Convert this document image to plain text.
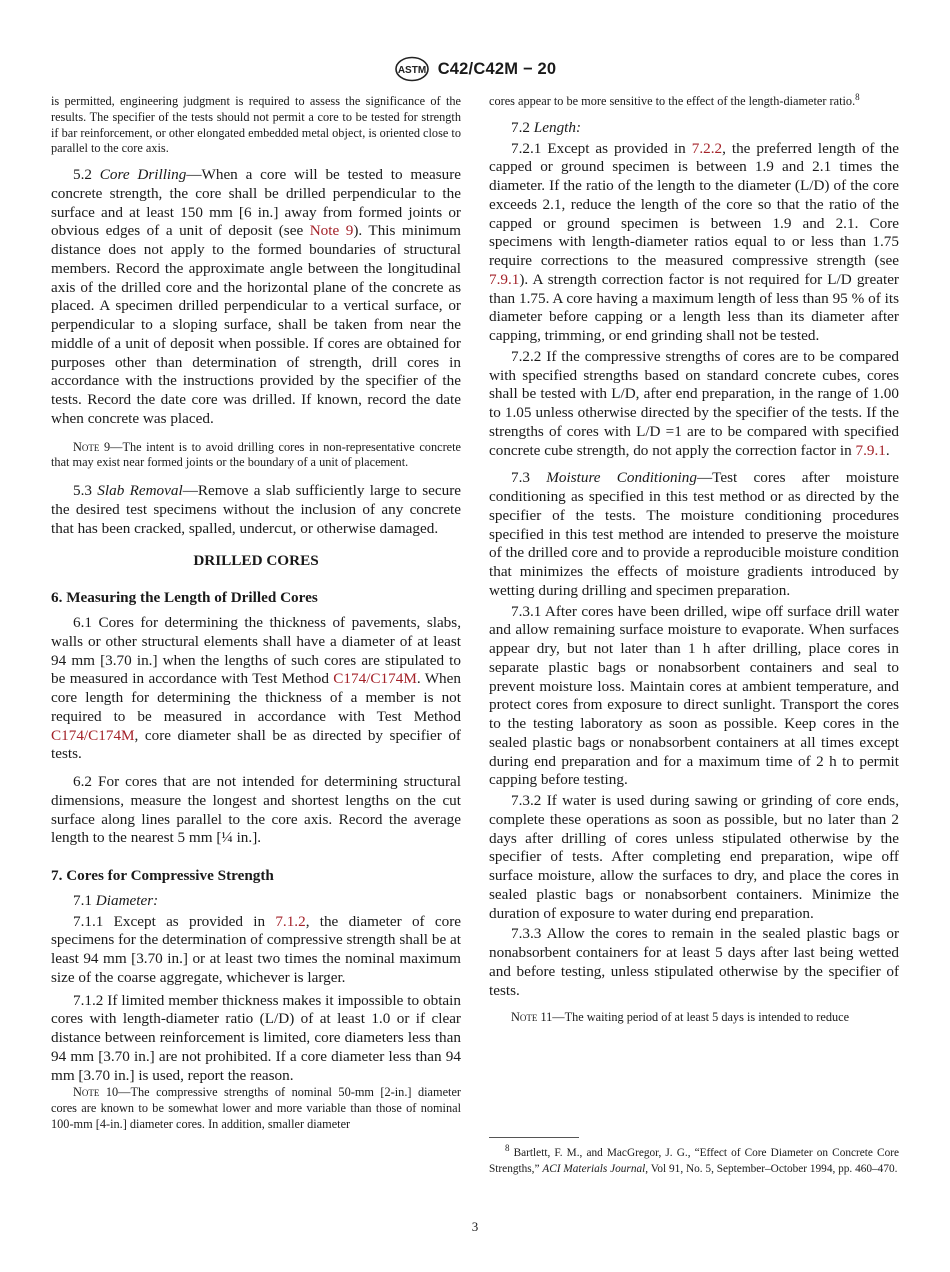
ASTM C42/C42M − 20

is permitted, engineering judgment is required to assess the significance of the results. The specifier of the tests should not permit a core to be tested for strength if bar reinforcement, or other elongated embedded metal object, is oriented close to parallel to the core axis.

5.2 Core Drilling—When a core will be tested to measure concrete strength, the core shall be drilled perpendicular to the surface and at least 150 mm [6 in.] away from formed joints or obvious edges of a unit of deposit (see Note 9). This minimum distance does not apply to the formed boundaries of structural members. Record the approximate angle between the longitudinal axis of the drilled core and the horizontal plane of the concrete as placed. A specimen drilled perpendicular to a vertical surface, or perpendicular to a sloping surface, shall be taken from near the middle of a unit of deposit when possible. If cores are obtained for purposes other than determination of strength, drill cores in accordance with the instructions provided by the specifier of the tests. Record the date core was drilled. If known, record the date when concrete was placed.

Note 9—The intent is to avoid drilling cores in non-representative concrete that may exist near formed joints or the boundary of a unit of placement.

5.3 Slab Removal—Remove a slab sufficiently large to secure the desired test specimens without the inclusion of any concrete that has been cracked, spalled, undercut, or otherwise damaged.

DRILLED CORES

6. Measuring the Length of Drilled Cores

6.1 Cores for determining the thickness of pavements, slabs, walls or other structural elements shall have a diameter of at least 94 mm [3.70 in.] when the lengths of such cores are stipulated to be measured in accordance with Test Method C174/C174M. When core length for determining the thickness of a member is not required to be measured in accordance with Test Method C174/C174M, core diameter shall be as directed by specifier of tests.

6.2 For cores that are not intended for determining structural dimensions, measure the longest and shortest lengths on the cut surface along lines parallel to the core axis. Record the average length to the nearest 5 mm [¼ in.].

7. Cores for Compressive Strength

7.1 Diameter:

7.1.1 Except as provided in 7.1.2, the diameter of core specimens for the determination of compressive strength shall be at least 94 mm [3.70 in.] or at least two times the nominal maximum size of the coarse aggregate, whichever is larger.

7.1.2 If limited member thickness makes it impossible to obtain cores with length-diameter ratio (L/D) of at least 1.0 or if clear distance between reinforcement is limited, core diameters less than 94 mm [3.70 in.] are not prohibited. If a core diameter less than 94 mm [3.70 in.] is used, report the reason.

Note 10—The compressive strengths of nominal 50-mm [2-in.] diameter cores are known to be somewhat lower and more variable than those of nominal 100-mm [4-in.] diameter cores. In addition, smaller diameter

cores appear to be more sensitive to the effect of the length-diameter ratio.$^8$

7.2 Length:

7.2.1 Except as provided in 7.2.2, the preferred length of the capped or ground specimen is between 1.9 and 2.1 times the diameter. If the ratio of the length to the diameter (L/D) of the core exceeds 2.1, reduce the length of the core so that the ratio of the capped or ground specimen is between 1.9 and 2.1. Core specimens with length-diameter ratios equal to or less than 1.75 require corrections to the measured compressive strength (see 7.9.1). A strength correction factor is not required for L/D greater than 1.75. A core having a maximum length of less than 95 % of its diameter before capping or a length less than its diameter after capping, trimming, or end grinding shall not be tested.

7.2.2 If the compressive strengths of cores are to be compared with specified strengths based on standard concrete cubes, cores shall be tested with L/D, after end preparation, in the range of 1.00 to 1.05 unless otherwise directed by the specifier of the tests. If the strengths of cores with L/D =1 are to be compared with specified concrete cube strength, do not apply the correction factor in 7.9.1.

7.3 Moisture Conditioning—Test cores after moisture conditioning as specified in this test method or as directed by the specifier of the tests. The moisture conditioning procedures specified in this test method are intended to preserve the moisture of the drilled core and to provide a reproducible moisture condition that minimizes the effects of moisture gradients introduced by wetting during drilling and specimen preparation.

7.3.1 After cores have been drilled, wipe off surface drill water and allow remaining surface moisture to evaporate. When surfaces appear dry, but not later than 1 h after drilling, place cores in separate plastic bags or nonabsorbent containers and seal to prevent moisture loss. Maintain cores at ambient temperature, and protect cores from exposure to direct sunlight. Transport the cores to the testing laboratory as soon as possible. Keep cores in the sealed plastic bags or nonabsorbent containers at all times except during end preparation and for a maximum time of 2 h to permit capping before testing.

7.3.2 If water is used during sawing or grinding of core ends, complete these operations as soon as possible, but no later than 2 days after drilling of cores unless stipulated otherwise by the specifier of tests. After completing end preparation, wipe off surface moisture, allow the surfaces to dry, and place the cores in sealed plastic bags or nonabsorbent containers. Minimize the duration of exposure to water during end preparation.

7.3.3 Allow the cores to remain in the sealed plastic bags or nonabsorbent containers for at least 5 days after last being wetted and before testing, unless stipulated otherwise by the specifier of tests.

Note 11—The waiting period of at least 5 days is intended to reduce

$^8$ Bartlett, F. M., and MacGregor, J. G., “Effect of Core Diameter on Concrete Core Strengths,” ACI Materials Journal, Vol 91, No. 5, September–October 1994, pp. 460–470.

3
